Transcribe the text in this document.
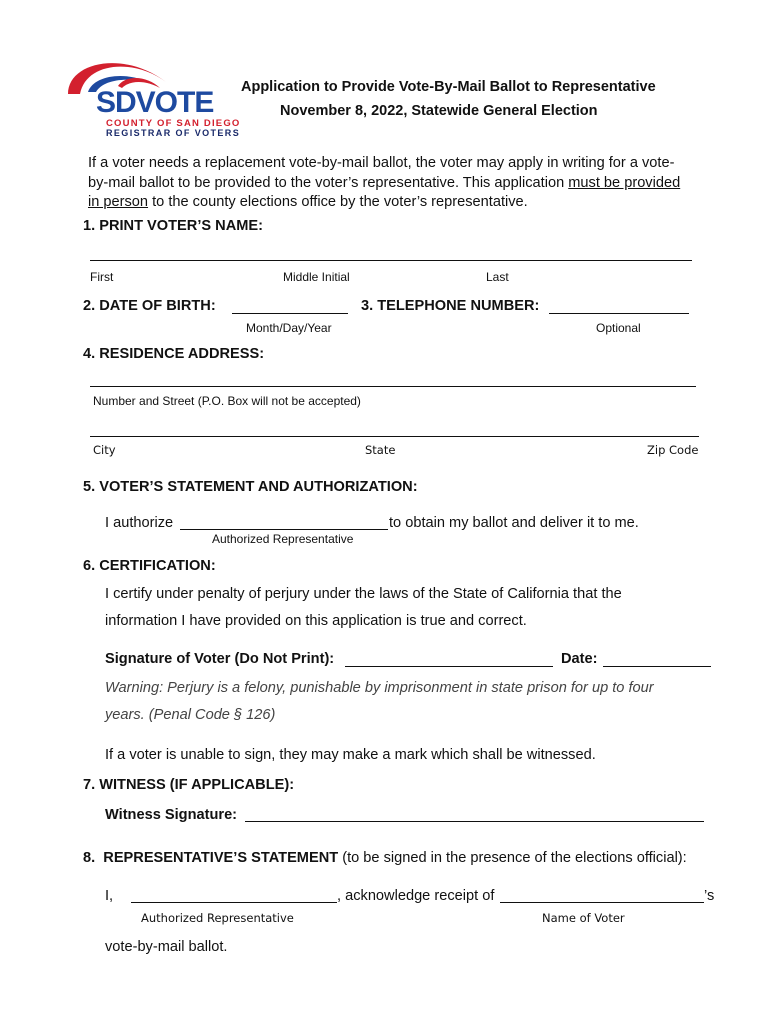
SDVOTE
COUNTY OF SAN DIEGO
REGISTRAR OF VOTERS
Application to Provide Vote-By-Mail Ballot to Representative
November 8, 2022, Statewide General Election
If a voter needs a replacement vote-by-mail ballot, the voter may apply in writing for a vote-
by-mail ballot to be provided to the voter’s representative. This application must be provided
in person to the county elections office by the voter’s representative.
1. PRINT VOTER’S NAME:
First	Middle Initial	Last
2. DATE OF BIRTH:
Month/Day/Year
3. TELEPHONE NUMBER:
Optional
4. RESIDENCE ADDRESS:
Number and Street (P.O. Box will not be accepted)
City	State	Zip Code
5. VOTER’S STATEMENT AND AUTHORIZATION:
I authorize	to obtain my ballot and deliver it to me.
Authorized Representative
6. CERTIFICATION:
I certify under penalty of perjury under the laws of the State of California that the
information I have provided on this application is true and correct.
Signature of Voter (Do Not Print):	Date:
Warning: Perjury is a felony, punishable by imprisonment in state prison for up to four
years. (Penal Code § 126)
If a voter is unable to sign, they may make a mark which shall be witnessed.
7. WITNESS (IF APPLICABLE):
Witness Signature:
8. REPRESENTATIVE’S STATEMENT (to be signed in the presence of the elections official):
I,	, acknowledge receipt of	’s
Authorized Representative	Name of Voter
vote-by-mail ballot.
